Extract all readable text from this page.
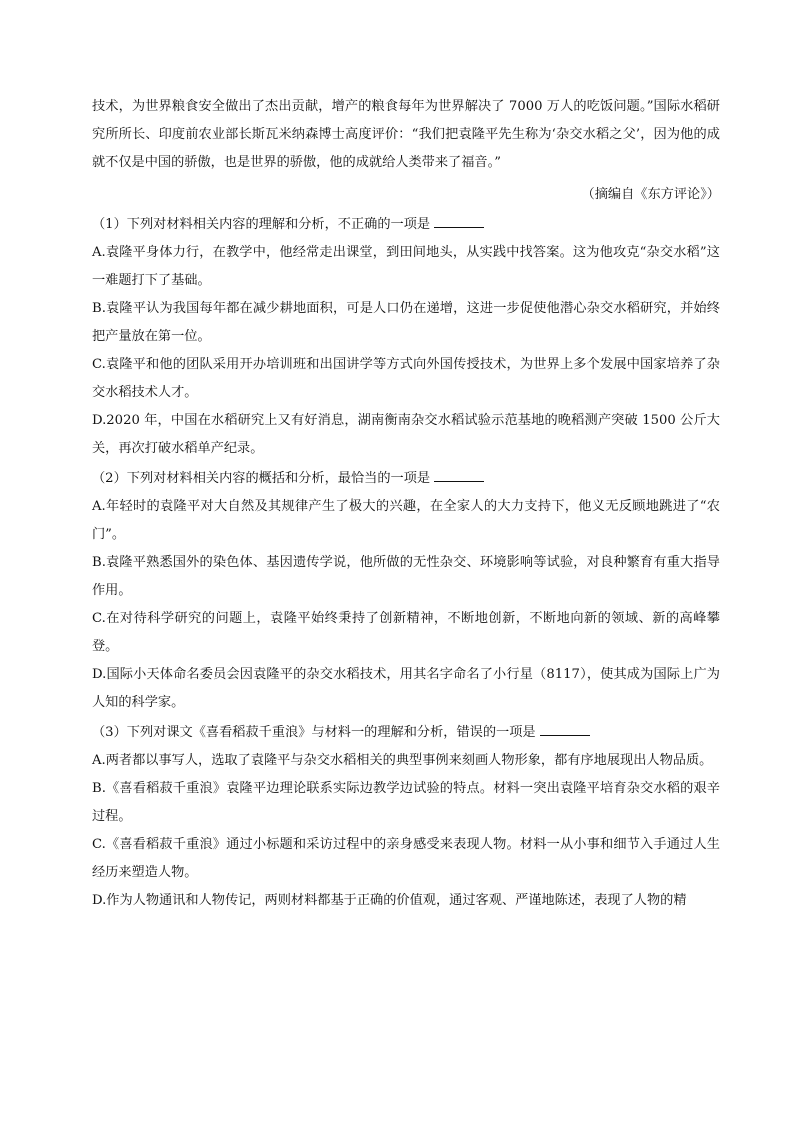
技术，为世界粮食安全做出了杰出贡献，增产的粮食每年为世界解决了 7000 万人的吃饭问题。”国际水稻研究所所长、印度前农业部长斯瓦米纳森博士高度评价：“我们把袁隆平先生称为‘杂交水稻之父’，因为他的成就不仅是中国的骄傲，也是世界的骄傲，他的成就给人类带来了福音。”

（摘编自《东方评论》）

（1）下列对材料相关内容的理解和分析，不正确的一项是

A.袁隆平身体力行，在教学中，他经常走出课堂，到田间地头，从实践中找答案。这为他攻克“杂交水稻”这一难题打下了基础。

B.袁隆平认为我国每年都在减少耕地面积，可是人口仍在递增，这进一步促使他潜心杂交水稻研究，并始终把产量放在第一位。

C.袁隆平和他的团队采用开办培训班和出国讲学等方式向外国传授技术，为世界上多个发展中国家培养了杂交水稻技术人才。

D.2020 年，中国在水稻研究上又有好消息，湖南衡南杂交水稻试验示范基地的晚稻测产突破 1500 公斤大关，再次打破水稻单产纪录。

（2）下列对材料相关内容的概括和分析，最恰当的一项是

A.年轻时的袁隆平对大自然及其规律产生了极大的兴趣，在全家人的大力支持下，他义无反顾地跳进了“农门”。

B.袁隆平熟悉国外的染色体、基因遗传学说，他所做的无性杂交、环境影响等试验，对良种繁育有重大指导作用。

C.在对待科学研究的问题上，袁隆平始终秉持了创新精神，不断地创新，不断地向新的领域、新的高峰攀登。

D.国际小天体命名委员会因袁隆平的杂交水稻技术，用其名字命名了小行星（8117），使其成为国际上广为人知的科学家。

（3）下列对课文《喜看稻菽千重浪》与材料一的理解和分析，错误的一项是

A.两者都以事写人，选取了袁隆平与杂交水稻相关的典型事例来刻画人物形象，都有序地展现出人物品质。

B.《喜看稻菽千重浪》袁隆平边理论联系实际边教学边试验的特点。材料一突出袁隆平培育杂交水稻的艰辛过程。

C.《喜看稻菽千重浪》通过小标题和采访过程中的亲身感受来表现人物。材料一从小事和细节入手通过人生经历来塑造人物。

D.作为人物通讯和人物传记，两则材料都基于正确的价值观，通过客观、严谨地陈述，表现了人物的精
